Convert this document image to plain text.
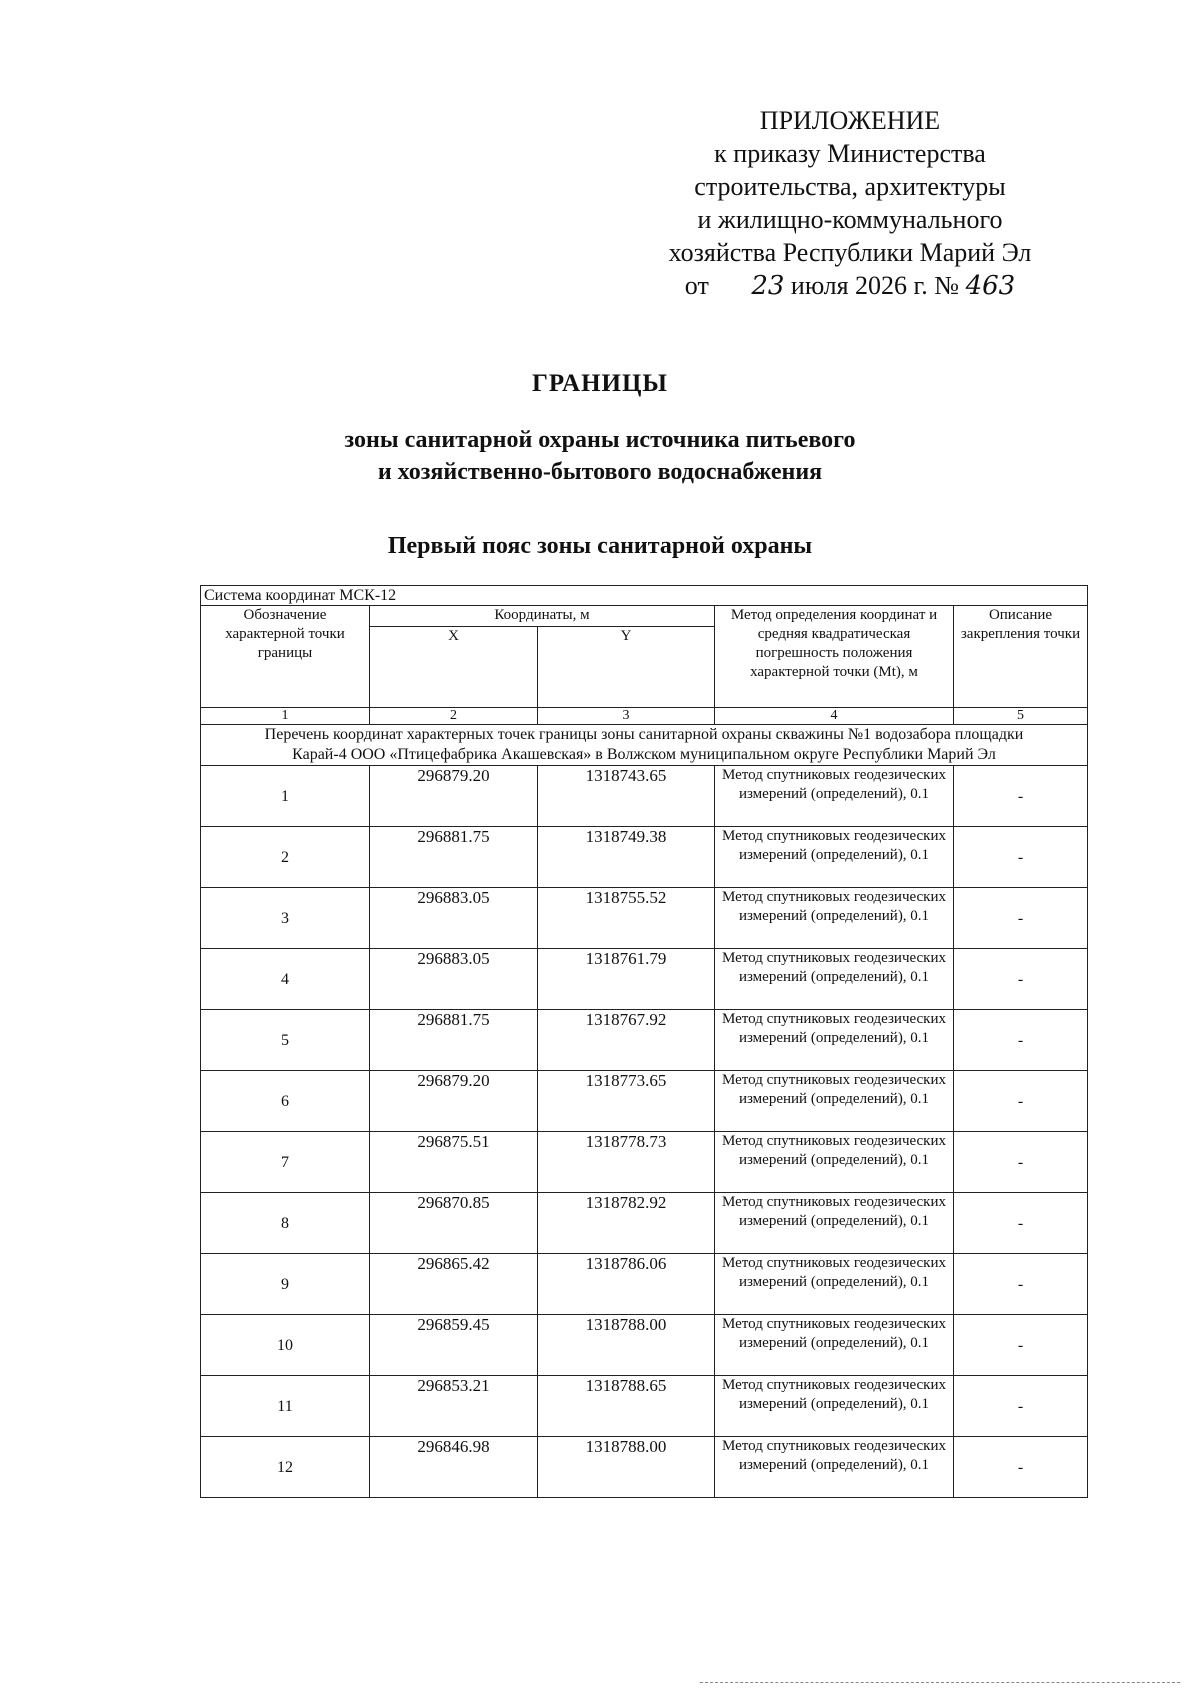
ПРИЛОЖЕНИЕ
к приказу Министерства
строительства, архитектуры
и жилищно-коммунального
хозяйства Республики Марий Эл
от 23 июля 2026 г. № 463
ГРАНИЦЫ
зоны санитарной охраны источника питьевого
и хозяйственно-бытового водоснабжения
Первый пояс зоны санитарной охраны
Система координат МСК-12				
Обозначение характерной точки границы	Координаты, м		Метод определения координат и средняя квадратическая погрешность положения характерной точки (Mt), м	Описание закрепления точки
	X	Y		
1	2	3	4	5
Перечень координат характерных точек границы зоны санитарной охраны скважины №1 водозабора площадки Карай-4 ООО «Птицефабрика Акашевская» в Волжском муниципальном округе Республики Марий Эл				
1	296879.20	1318743.65	Метод спутниковых геодезических измерений (определений), 0.1	-
2	296881.75	1318749.38	Метод спутниковых геодезических измерений (определений), 0.1	-
3	296883.05	1318755.52	Метод спутниковых геодезических измерений (определений), 0.1	-
4	296883.05	1318761.79	Метод спутниковых геодезических измерений (определений), 0.1	-
5	296881.75	1318767.92	Метод спутниковых геодезических измерений (определений), 0.1	-
6	296879.20	1318773.65	Метод спутниковых геодезических измерений (определений), 0.1	-
7	296875.51	1318778.73	Метод спутниковых геодезических измерений (определений), 0.1	-
8	296870.85	1318782.92	Метод спутниковых геодезических измерений (определений), 0.1	-
9	296865.42	1318786.06	Метод спутниковых геодезических измерений (определений), 0.1	-
10	296859.45	1318788.00	Метод спутниковых геодезических измерений (определений), 0.1	-
11	296853.21	1318788.65	Метод спутниковых геодезических измерений (определений), 0.1	-
12	296846.98	1318788.00	Метод спутниковых геодезических измерений (определений), 0.1	-
